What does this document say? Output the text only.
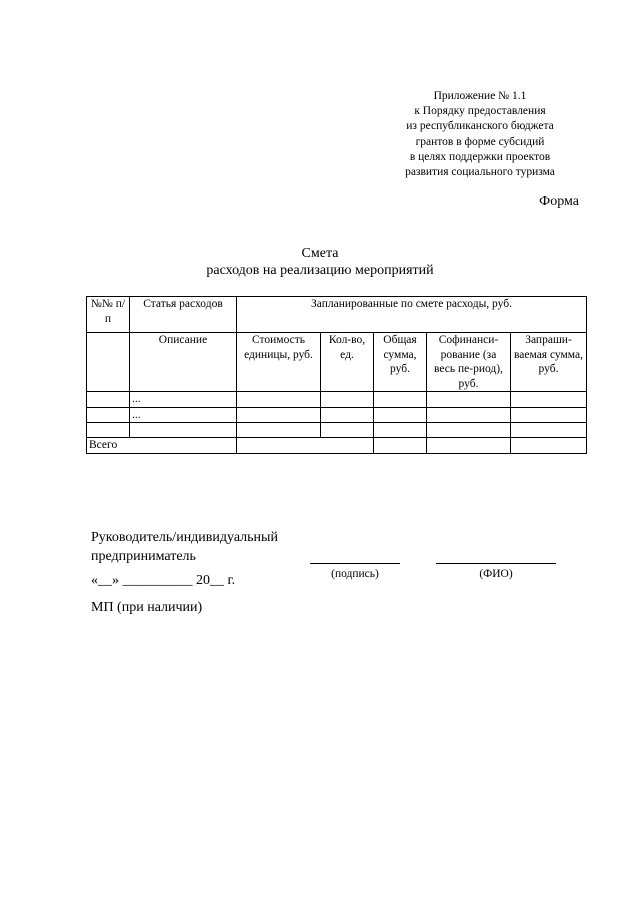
Приложение № 1.1
к Порядку предоставления
из республиканского бюджета
грантов в форме субсидий
в целях поддержки проектов
развития социального туризма
Форма
Смета
расходов на реализацию мероприятий
№№ п/п	Статья расходов	Запланированные по смете расходы, руб.				
	Описание	Стоимость единицы, руб.	Кол-во, ед.	Общая сумма, руб.	Софинанси-рование (за весь пе-риод), руб.	Запраши-ваемая сумма, руб.
	...					
	...					

Всего						
Руководитель/индивидуальный
предприниматель
(подпись)	(ФИО)
«__» __________ 20__ г.
МП (при наличии)
